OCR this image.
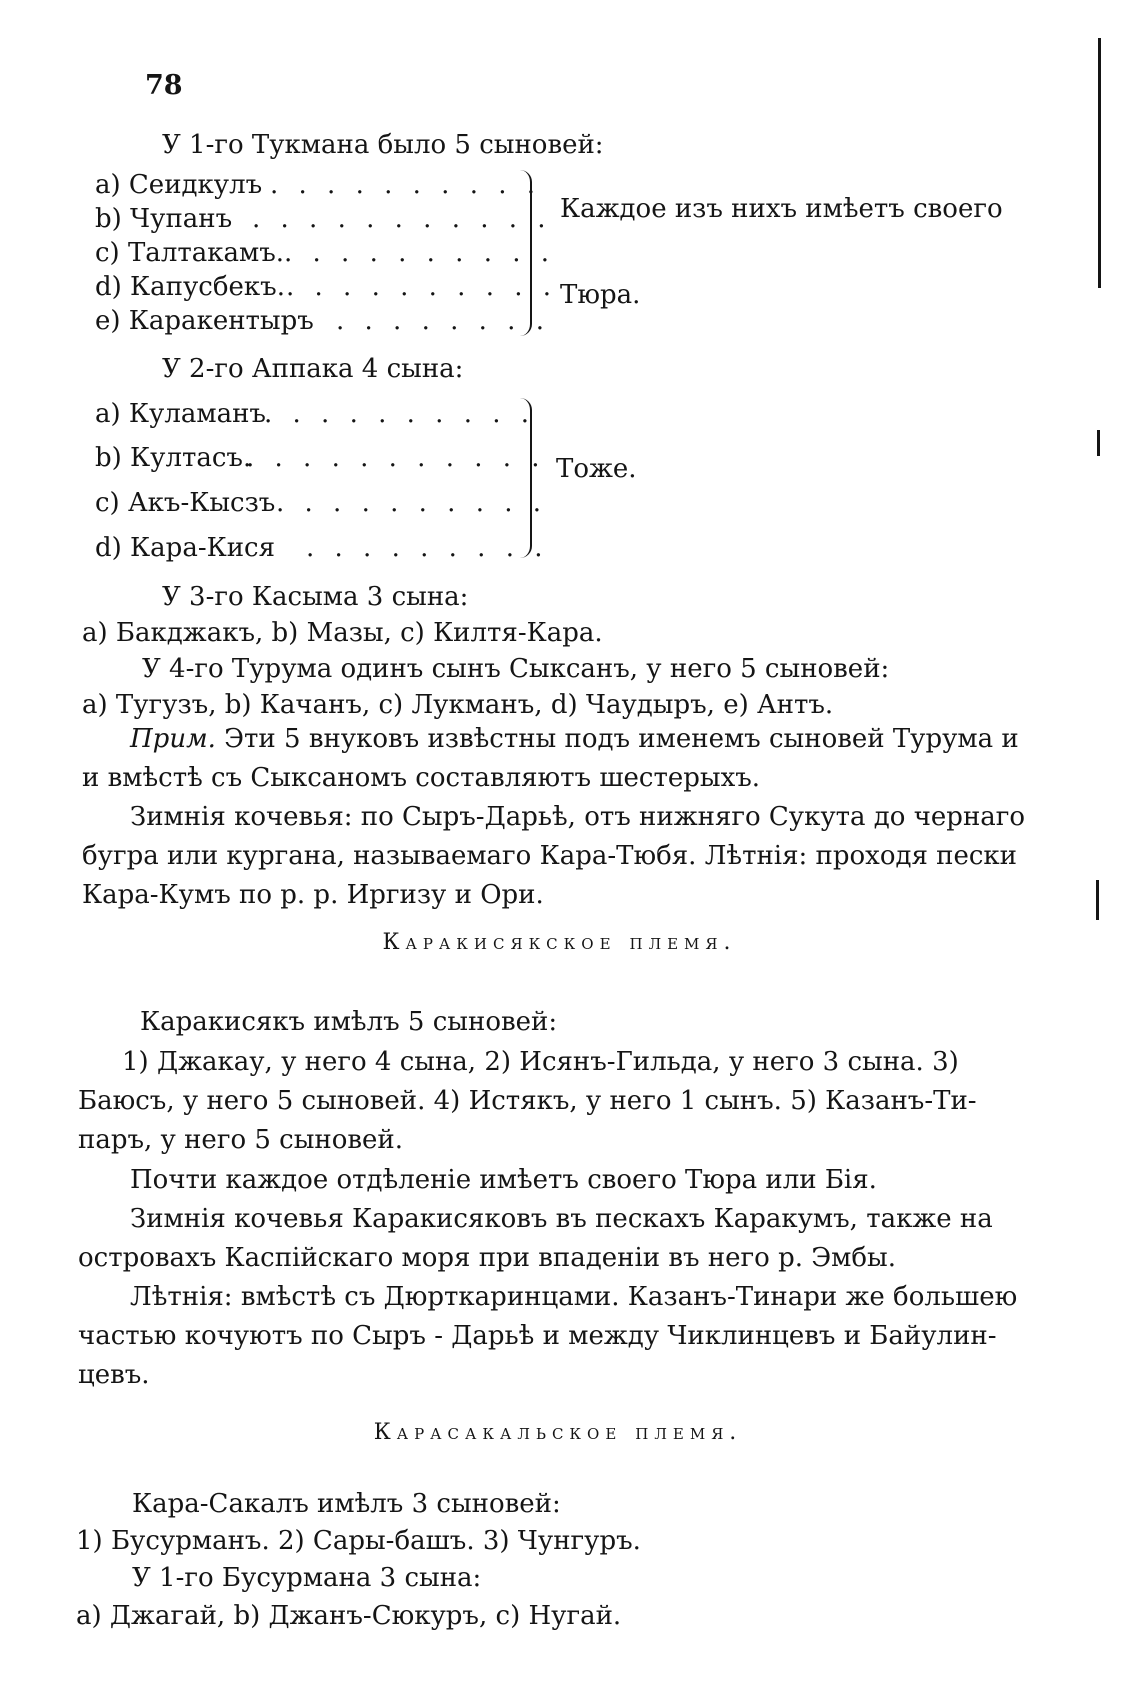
78
У 1-го Тукмана было 5 сыновей:
а) Сеидкулъ
b) Чупанъ
c) Талтакамъ.
d) Капусбекъ.
е) Каракентыръ
. . . . . . . . . .
. . . . . . . . . . .
. . . . . . . . . .
. . . . . . . . . .
. . . . . . . .
Каждое изъ нихъ имѣетъ своего
Тюра.
У 2-го Аппака 4 сына:
а) Куламанъ
b) Култасъ.
c) Акъ-Кысзъ
d) Кара-Кися
. . . . . . . . . .
. . . . . . . . . . .
. . . . . . . . . .
. . . . . . . . .
Тоже.
У 3-го Касыма 3 сына:
а) Бакджакъ, b) Мазы, c) Килтя-Кара.
У 4-го Турума одинъ сынъ Сыксанъ, у него 5 сыновей:
а) Тугузъ, b) Качанъ, c) Лукманъ, d) Чаудыръ, е) Антъ.
Прим. Эти 5 внуковъ извѣстны подъ именемъ сыновей Турума и
и вмѣстѣ съ Сыксаномъ составляютъ шестерыхъ.
Зимнія кочевья: по Сыръ-Дарьѣ, отъ нижняго Сукута до чернаго
бугра или кургана, называемаго Кара-Тюбя. Лѣтнія: проходя пески
Кара-Кумъ по р. р. Иргизу и Ори.
Каракисякское племя.
Каракисякъ имѣлъ 5 сыновей:
1) Джакау, у него 4 сына, 2) Исянъ-Гильда, у него 3 сына. 3)
Баюсъ, у него 5 сыновей. 4) Истякъ, у него 1 сынъ. 5) Казанъ-Ти-
паръ, у него 5 сыновей.
Почти каждое отдѣленіе имѣетъ своего Тюра или Бія.
Зимнія кочевья Каракисяковъ въ пескахъ Каракумъ, также на
островахъ Каспійскаго моря при впаденіи въ него р. Эмбы.
Лѣтнія: вмѣстѣ съ Дюрткаринцами. Казанъ-Тинари же большею
частью кочуютъ по Сыръ - Дарьѣ и между Чиклинцевъ и Байулин-
цевъ.
Карасакальское племя.
Кара-Сакалъ имѣлъ 3 сыновей:
1) Бусурманъ. 2) Сары-башъ. 3) Чунгуръ.
У 1-го Бусурмана 3 сына:
а) Джагай, b) Джанъ-Сюкуръ, c) Нугай.
